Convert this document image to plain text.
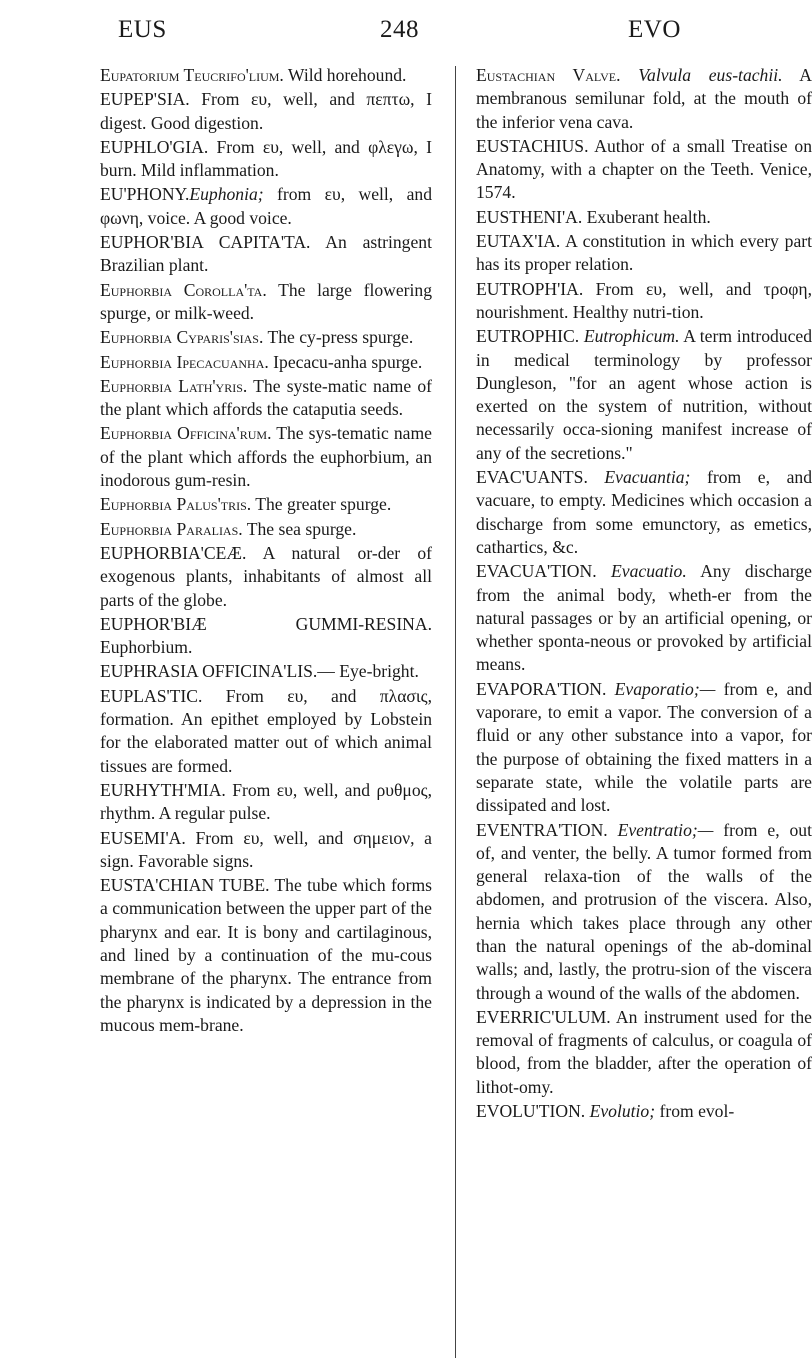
EUS	248	EVO
Eupatorium Teucrifo'lium. Wild horehound.
EUPEP'SIA. From ευ, well, and πεπτω, I digest. Good digestion.
EUPHLO'GIA. From ευ, well, and φλεγω, I burn. Mild inflammation.
EU'PHONY.Euphonia; from ευ, well, and φωνη, voice. A good voice.
EUPHOR'BIA CAPITA'TA. An astringent Brazilian plant.
Euphorbia Corolla'ta. The large flowering spurge, or milk-weed.
Euphorbia Cyparis'sias. The cy-press spurge.
Euphorbia Ipecacuanha. Ipecacu-anha spurge.
Euphorbia Lath'yris. The syste-matic name of the plant which affords the cataputia seeds.
Euphorbia Officina'rum. The sys-tematic name of the plant which affords the euphorbium, an inodorous gum-resin.
Euphorbia Palus'tris. The greater spurge.
Euphorbia Paralias. The sea spurge.
EUPHORBIA'CEÆ. A natural or-der of exogenous plants, inhabitants of almost all parts of the globe.
EUPHOR'BIÆ GUMMI-RESINA. Euphorbium.
EUPHRASIA OFFICINA'LIS.— Eye-bright.
EUPLAS'TIC. From ευ, and πλασις, formation. An epithet employed by Lobstein for the elaborated matter out of which animal tissues are formed.
EURHYTH'MIA. From ευ, well, and ρυθμος, rhythm. A regular pulse.
EUSEMI'A. From ευ, well, and σημειον, a sign. Favorable signs.
EUSTA'CHIAN TUBE. The tube which forms a communication between the upper part of the pharynx and ear. It is bony and cartilaginous, and lined by a continuation of the mu-cous membrane of the pharynx. The entrance from the pharynx is indicated by a depression in the mucous mem-brane.
Eustachian Valve. Valvula eus-tachii. A membranous semilunar fold, at the mouth of the inferior vena cava.
EUSTACHIUS. Author of a small Treatise on Anatomy, with a chapter on the Teeth. Venice, 1574.
EUSTHENI'A. Exuberant health.
EUTAX'IA. A constitution in which every part has its proper relation.
EUTROPH'IA. From ευ, well, and τροφη, nourishment. Healthy nutri-tion.
EUTROPHIC. Eutrophicum. A term introduced in medical terminology by professor Dungleson, "for an agent whose action is exerted on the system of nutrition, without necessarily occa-sioning manifest increase of any of the secretions."
EVAC'UANTS. Evacuantia; from e, and vacuare, to empty. Medicines which occasion a discharge from some emunctory, as emetics, cathartics, &c.
EVACUA'TION. Evacuatio. Any discharge from the animal body, wheth-er from the natural passages or by an artificial opening, or whether sponta-neous or provoked by artificial means.
EVAPORA'TION. Evaporatio;— from e, and vaporare, to emit a vapor. The conversion of a fluid or any other substance into a vapor, for the purpose of obtaining the fixed matters in a separate state, while the volatile parts are dissipated and lost.
EVENTRA'TION. Eventratio;— from e, out of, and venter, the belly. A tumor formed from general relaxa-tion of the walls of the abdomen, and protrusion of the viscera. Also, hernia which takes place through any other than the natural openings of the ab-dominal walls; and, lastly, the protru-sion of the viscera through a wound of the walls of the abdomen.
EVERRIC'ULUM. An instrument used for the removal of fragments of calculus, or coagula of blood, from the bladder, after the operation of lithot-omy.
EVOLU'TION. Evolutio; from evol-
